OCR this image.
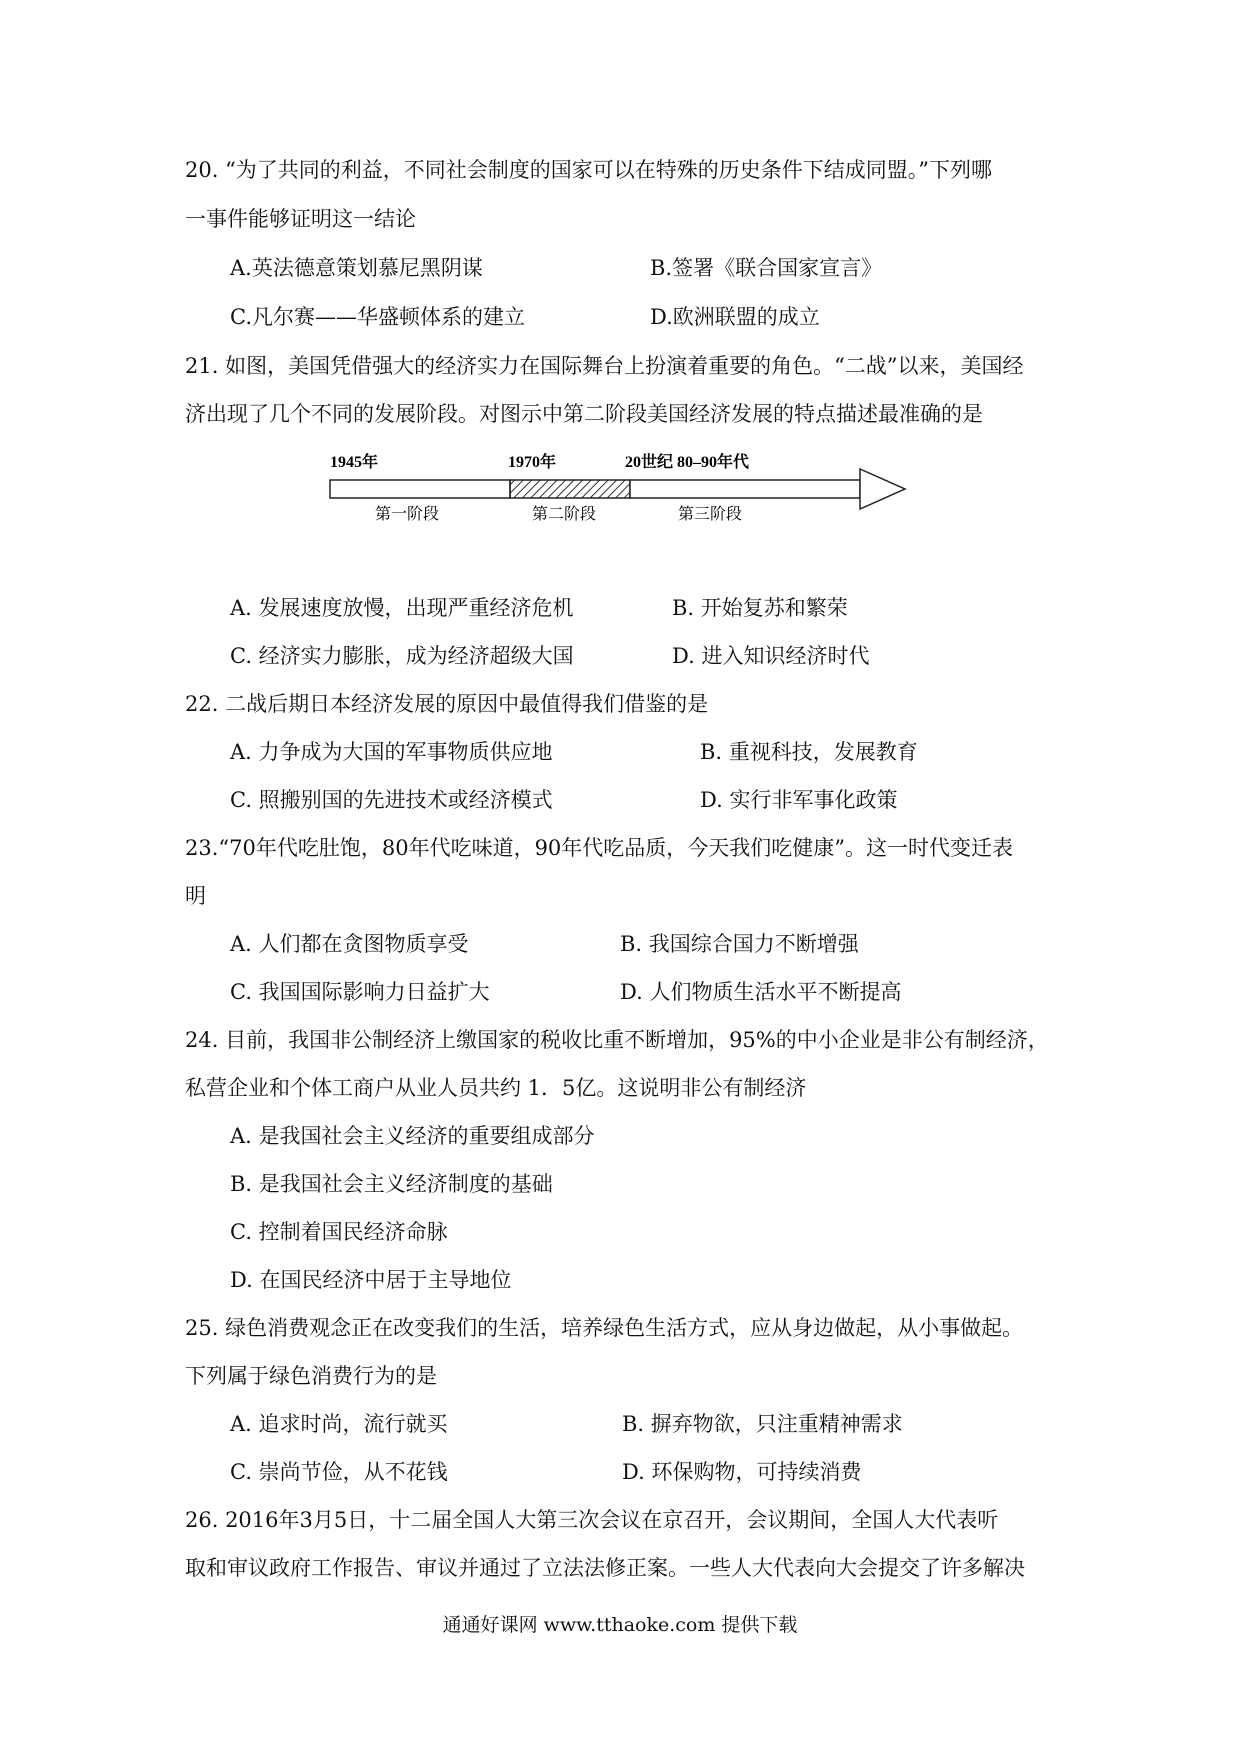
20. “为了共同的利益，不同社会制度的国家可以在特殊的历史条件下结成同盟。”下列哪
一事件能够证明这一结论
A.英法德意策划慕尼黑阴谋	B.签署《联合国家宣言》
C.凡尔赛——华盛顿体系的建立	D.欧洲联盟的成立
21. 如图，美国凭借强大的经济实力在国际舞台上扮演着重要的角色。“二战”以来，美国经
济出现了几个不同的发展阶段。对图示中第二阶段美国经济发展的特点描述最准确的是
1945年	1970年	20世纪 80–90年代
第一阶段	第二阶段	第三阶段
A. 发展速度放慢，出现严重经济危机	B. 开始复苏和繁荣
C. 经济实力膨胀，成为经济超级大国	D. 进入知识经济时代
22. 二战后期日本经济发展的原因中最值得我们借鉴的是
A. 力争成为大国的军事物质供应地	B. 重视科技，发展教育
C. 照搬别国的先进技术或经济模式	D. 实行非军事化政策
23.“70年代吃肚饱，80年代吃味道，90年代吃品质，今天我们吃健康”。这一时代变迁表
明
A. 人们都在贪图物质享受	B. 我国综合国力不断增强
C. 我国国际影响力日益扩大	D. 人们物质生活水平不断提高
24. 目前，我国非公制经济上缴国家的税收比重不断增加，95%的中小企业是非公有制经济，
私营企业和个体工商户从业人员共约 1．5亿。这说明非公有制经济
A. 是我国社会主义经济的重要组成部分
B. 是我国社会主义经济制度的基础
C. 控制着国民经济命脉
D. 在国民经济中居于主导地位
25. 绿色消费观念正在改变我们的生活，培养绿色生活方式，应从身边做起，从小事做起。
下列属于绿色消费行为的是
A. 追求时尚，流行就买	B. 摒弃物欲，只注重精神需求
C. 崇尚节俭，从不花钱	D. 环保购物，可持续消费
26. 2016年3月5日，十二届全国人大第三次会议在京召开，会议期间，全国人大代表听
取和审议政府工作报告、审议并通过了立法法修正案。一些人大代表向大会提交了许多解决
通通好课网 www.tthaoke.com 提供下载
